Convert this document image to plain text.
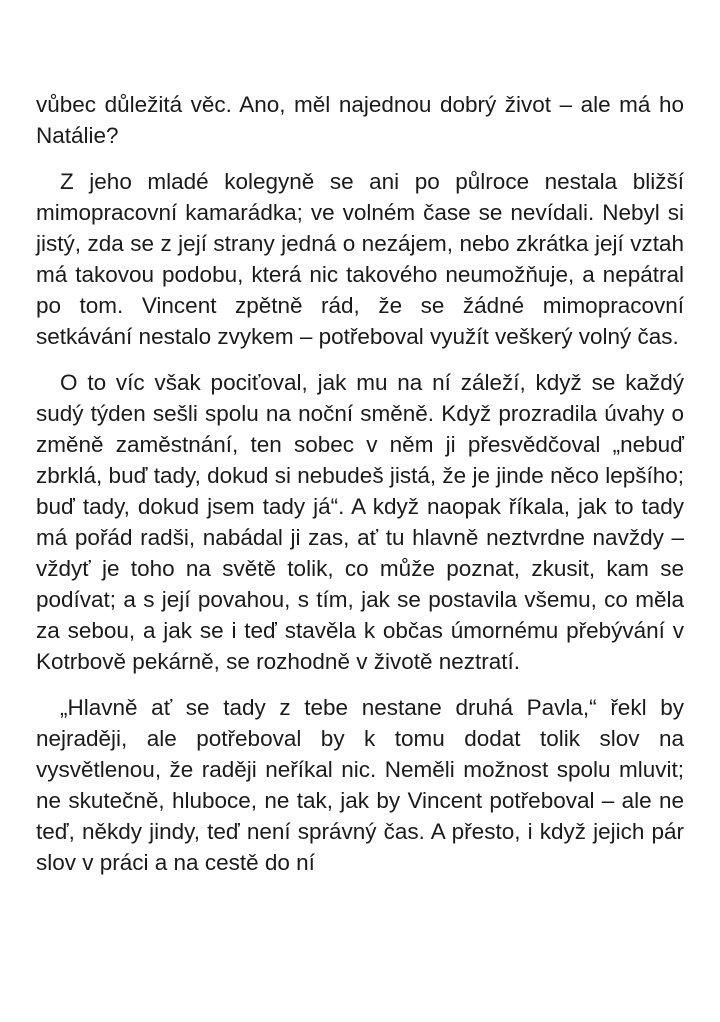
vůbec důležitá věc. Ano, měl najednou dobrý život – ale má ho Natálie?

Z jeho mladé kolegyně se ani po půlroce nestala bližší mimopracovní kamarádka; ve volném čase se nevídali. Nebyl si jistý, zda se z její strany jedná o nezájem, nebo zkrátka její vztah má takovou podobu, která nic takového neumožňuje, a nepátral po tom. Vincent zpětně rád, že se žádné mimopracovní setkávání nestalo zvykem – potřeboval využít veškerý volný čas.

O to víc však pociťoval, jak mu na ní záleží, když se každý sudý týden sešli spolu na noční směně. Když prozradila úvahy o změně zaměstnání, ten sobec v něm ji přesvědčoval „nebuď zbrklá, buď tady, dokud si nebudeš jistá, že je jinde něco lepšího; buď tady, dokud jsem tady já“. A když naopak říkala, jak to tady má pořád radši, nabádal ji zas, ať tu hlavně neztvrdne navždy – vždyť je toho na světě tolik, co může poznat, zkusit, kam se podívat; a s její povahou, s tím, jak se postavila všemu, co měla za sebou, a jak se i teď stavěla k občas úmornému přebývání v Kotrbově pekárně, se rozhodně v životě neztratí.

„Hlavně ať se tady z tebe nestane druhá Pavla,“ řekl by nejraději, ale potřeboval by k tomu dodat tolik slov na vysvětlenou, že raději neříkal nic. Neměli možnost spolu mluvit; ne skutečně, hluboce, ne tak, jak by Vincent potřeboval – ale ne teď, někdy jindy, teď není správný čas. A přesto, i když jejich pár slov v práci a na cestě do ní
